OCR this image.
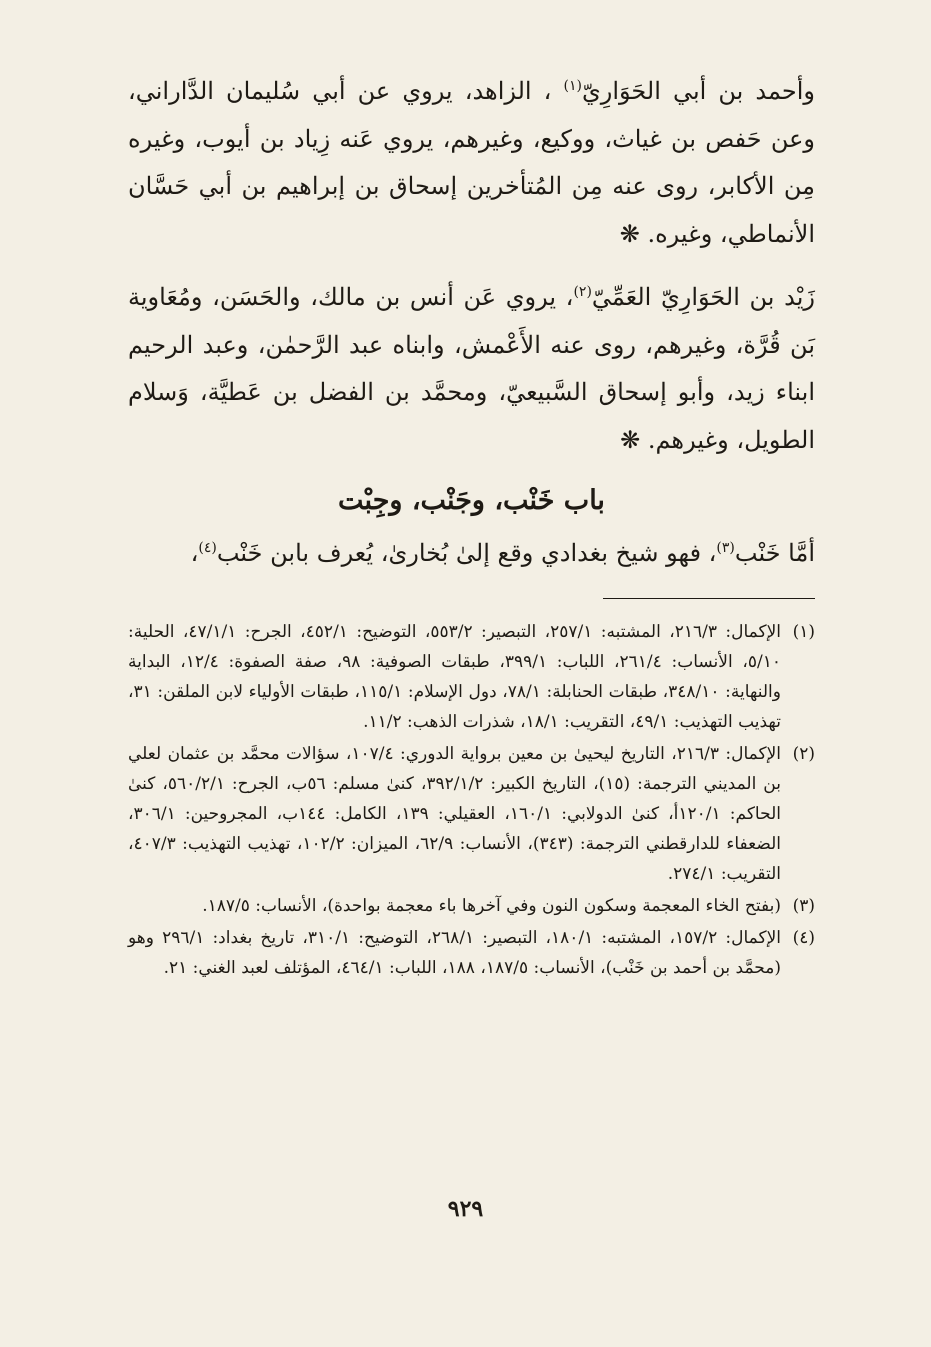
وأحمد بن أبي الحَوَارِيّ$^{(١)}$ ، الزاهد، يروي عن أبي سُليمان الدَّاراني، وعن حَفص بن غياث، ووكيع، وغيرهم، يروي عَنه زِياد بن أيوب، وغيره مِن الأكابر، روى عنه مِن المُتأخرين إسحاق بن إبراهيم بن أبي حَسَّان الأنماطي، وغيره. ❋

زَيْد بن الحَوَارِيّ العَمِّيّ$^{(٢)}$، يروي عَن أنس بن مالك، والحَسَن، ومُعَاوية بَن قُرَّة، وغيرهم، روى عنه الأَعْمش، وابناه عبد الرَّحمٰن، وعبد الرحيم ابناء زيد، وأبو إسحاق السَّبيعيّ، ومحمَّد بن الفضل بن عَطيَّة، وَسلام الطويل، وغيرهم. ❋

باب خَنْب، وجَنْب، وجِبْت

أمَّا خَنْب$^{(٣)}$، فهو شيخ بغدادي وقع إلىٰ بُخارىٰ، يُعرف بابن خَنْب$^{(٤)}$،

(١)
الإكمال: ٢١٦/٣، المشتبه: ٢٥٧/١، التبصير: ٥٥٣/٢، التوضيح: ٤٥٢/١، الجرح: ٤٧/١/١، الحلية: ٥/١٠، الأنساب: ٢٦١/٤، اللباب: ٣٩٩/١، طبقات الصوفية: ٩٨، صفة الصفوة: ١٢/٤، البداية والنهاية: ٣٤٨/١٠، طبقات الحنابلة: ٧٨/١، دول الإسلام: ١١٥/١، طبقات الأولياء لابن الملقن: ٣١، تهذيب التهذيب: ٤٩/١، التقريب: ١٨/١، شذرات الذهب: ١١/٢.
(٢)
الإكمال: ٢١٦/٣، التاريخ ليحيىٰ بن معين برواية الدوري: ١٠٧/٤، سؤالات محمَّد بن عثمان لعلي بن المديني الترجمة: (١٥)، التاريخ الكبير: ٣٩٢/١/٢، كنىٰ مسلم: ٥٦ب، الجرح: ٥٦٠/٢/١، كنىٰ الحاكم: ١٢٠/١أ، كنىٰ الدولابي: ١٦٠/١، العقيلي: ١٣٩، الكامل: ١٤٤ب، المجروحين: ٣٠٦/١، الضعفاء للدارقطني الترجمة: (٣٤٣)، الأنساب: ٦٢/٩، الميزان: ١٠٢/٢، تهذيب التهذيب: ٤٠٧/٣، التقريب: ٢٧٤/١.
(٣)
(بفتح الخاء المعجمة وسكون النون وفي آخرها باء معجمة بواحدة)، الأنساب: ١٨٧/٥.
(٤)
الإكمال: ١٥٧/٢، المشتبه: ١٨٠/١، التبصير: ٢٦٨/١، التوضيح: ٣١٠/١، تاريخ بغداد: ٢٩٦/١ وهو (محمَّد بن أحمد بن خَنْب)، الأنساب: ١٨٧/٥، ١٨٨، اللباب: ٤٦٤/١، المؤتلف لعبد الغني: ٢١.
٩٢٩
